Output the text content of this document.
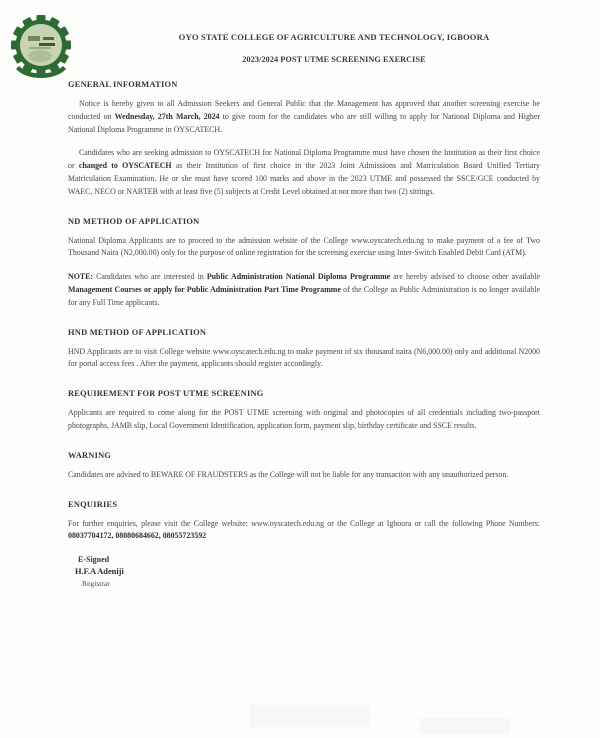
OYO STATE COLLEGE OF AGRICULTURE AND TECHNOLOGY, IGBOORA
2023/2024 POST UTME SCREENING EXERCISE
GENERAL INFORMATION

Notice is hereby given to all Admission Seekers and General Public that the Management has approved that another screening exercise be conducted on Wednesday, 27th March, 2024 to give room for the candidates who are still willing to apply for National Diploma and Higher National Diploma Programme in OYSCATECH.

Candidates who are seeking admission to OYSCATECH for National Diploma Programme must have chosen the Institution as their first choice or changed to OYSCATECH as their Institution of first choice in the 2023 Joint Admissions and Matriculation Board Unified Tertiary Matriculation Examination. He or she must have scored 100 marks and above in the 2023 UTME and possessed the SSCE/GCE conducted by WAEC, NECO or NABTEB with at least five (5) subjects at Credit Level obtained at not more than two (2) sittings.

ND METHOD OF APPLICATION

National Diploma Applicants are to proceed to the admission website of the College www.oyscatech.edu.ng to make payment of a fee of Two Thousand Naira (N2,000.00) only for the purpose of online registration for the screening exercise using Inter-Switch Enabled Debit Card (ATM).

NOTE: Candidates who are interested in Public Administration National Diploma Programme are hereby advised to choose other available Management Courses or apply for Public Administration Part Time Programme of the College as Public Administration is no longer available for any Full Time applicants.

HND METHOD OF APPLICATION

HND Applicants are to visit College website www.oyscatech.edu.ng to make payment of six thousand naira (N6,000.00) only and additional N2000 for portal access fees . After the payment, applicants should register accordingly.

REQUIREMENT FOR POST UTME SCREENING

Applicants are required to come along for the POST UTME screening with original and photocopies of all credentials including two-passport photographs, JAMB slip, Local Government Identification, application form, payment slip, birthday certificate and SSCE results.

WARNING

Candidates are advised to BEWARE OF FRAUDSTERS as the College will not be liable for any transaction with any unauthorized person.

ENQUIRIES

For further enquiries, please visit the College website: www.oyscatech.edu.ng or the College at Igboora or call the following Phone Numbers: 08037704172, 08080684662, 08055723592

E-Signed
H.F.A Adeniji
Registrar
